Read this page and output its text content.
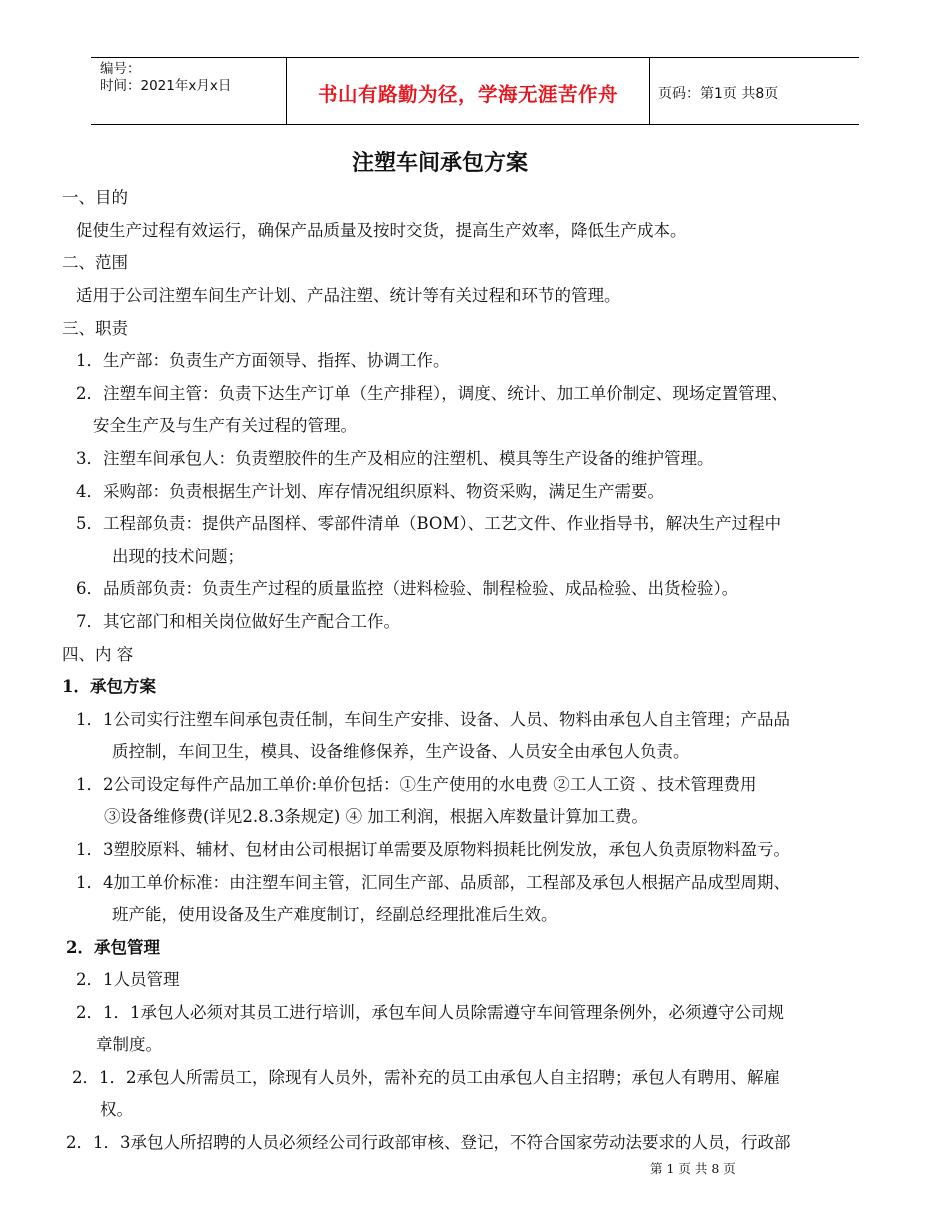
编号：
时间：2021年x月x日	书山有路勤为径，学海无涯苦作舟	页码：第1页 共8页
注塑车间承包方案
一、目的
促使生产过程有效运行，确保产品质量及按时交货，提高生产效率，降低生产成本。
二、范围
适用于公司注塑车间生产计划、产品注塑、统计等有关过程和环节的管理。
三、职责
1．生产部：负责生产方面领导、指挥、协调工作。
2．注塑车间主管：负责下达生产订单（生产排程），调度、统计、加工单价制定、现场定置管理、
安全生产及与生产有关过程的管理。
3．注塑车间承包人：负责塑胶件的生产及相应的注塑机、模具等生产设备的维护管理。
4．采购部：负责根据生产计划、库存情况组织原料、物资采购，满足生产需要。
5．工程部负责：提供产品图样、零部件清单（BOM）、工艺文件、作业指导书，解决生产过程中
出现的技术问题；
6．品质部负责：负责生产过程的质量监控（进料检验、制程检验、成品检验、出货检验）。
7．其它部门和相关岗位做好生产配合工作。
四、内 容
1．承包方案
1．1公司实行注塑车间承包责任制，车间生产安排、设备、人员、物料由承包人自主管理；产品品
质控制，车间卫生，模具、设备维修保养，生产设备、人员安全由承包人负责。
1．2公司设定每件产品加工单价:单价包括：①生产使用的水电费 ②工人工资 、技术管理费用
③设备维修费(详见2.8.3条规定) ④ 加工利润，根据入库数量计算加工费。
1．3塑胶原料、辅材、包材由公司根据订单需要及原物料损耗比例发放，承包人负责原物料盈亏。
1．4加工单价标准：由注塑车间主管，汇同生产部、品质部，工程部及承包人根据产品成型周期、
班产能，使用设备及生产难度制订，经副总经理批准后生效。
2．承包管理
2．1人员管理
2．1．1承包人必须对其员工进行培训，承包车间人员除需遵守车间管理条例外，必须遵守公司规
章制度。
2．1．2承包人所需员工，除现有人员外，需补充的员工由承包人自主招聘；承包人有聘用、解雇
权。
2．1．3承包人所招聘的人员必须经公司行政部审核、登记，不符合国家劳动法要求的人员，行政部
第 1 页 共 8 页
